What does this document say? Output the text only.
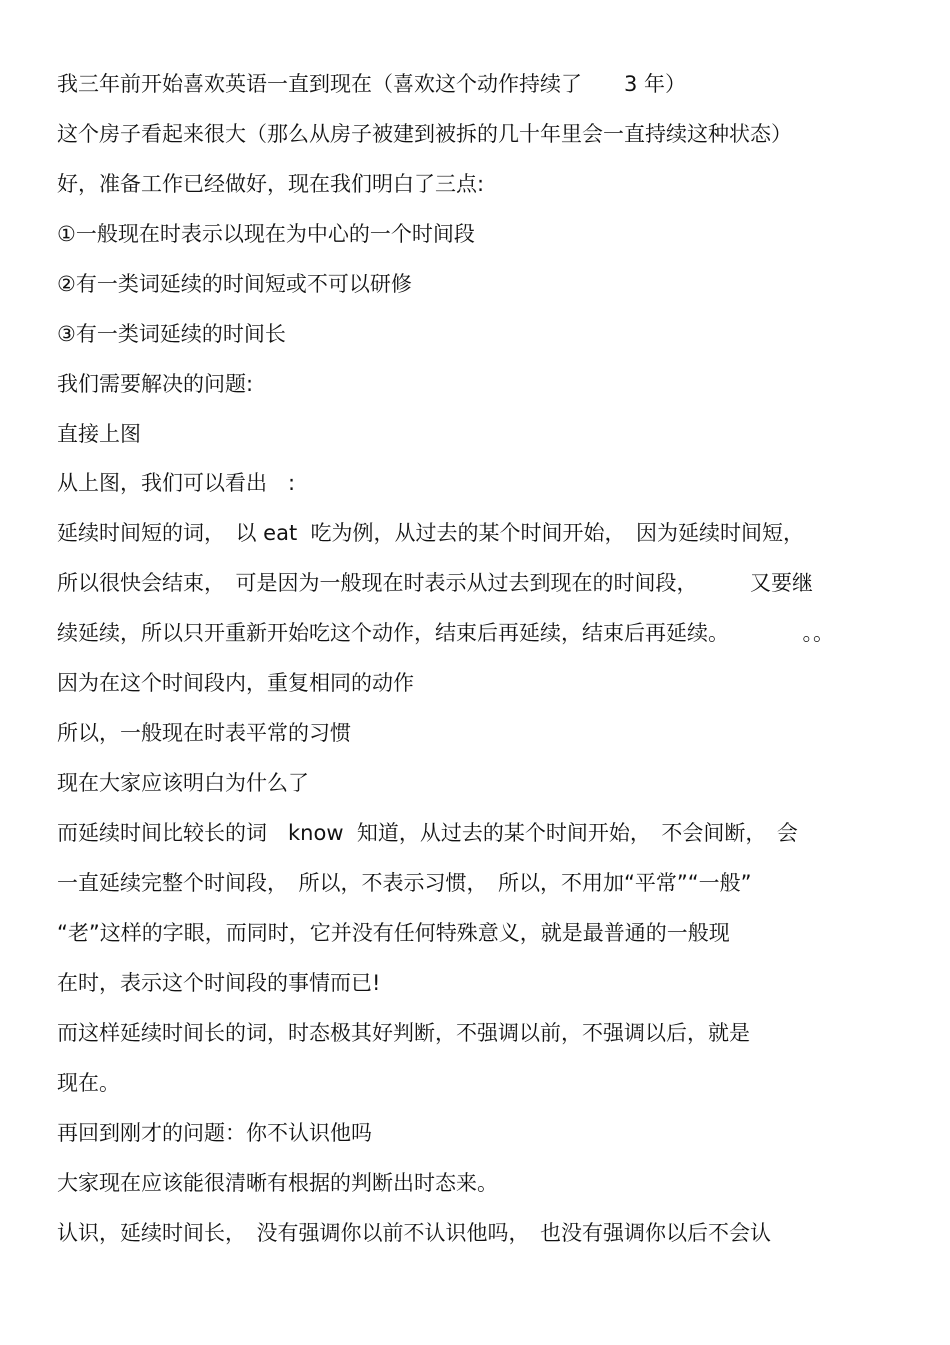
我三年前开始喜欢英语一直到现在（喜欢这个动作持续了　　3 年）
这个房子看起来很大（那么从房子被建到被拆的几十年里会一直持续这种状态）
好，准备工作已经做好，现在我们明白了三点:
①一般现在时表示以现在为中心的一个时间段
②有一类词延续的时间短或不可以研修
③有一类词延续的时间长
我们需要解决的问题:
直接上图
从上图，我们可以看出　:
延续时间短的词，　以 eat  吃为例，从过去的某个时间开始，　因为延续时间短，
所以很快会结束，　可是因为一般现在时表示从过去到现在的时间段，　　　又要继
续延续，所以只开重新开始吃这个动作，结束后再延续，结束后再延续。　　　　。。
因为在这个时间段内，重复相同的动作
所以，一般现在时表平常的习惯
现在大家应该明白为什么了
而延续时间比较长的词　know  知道，从过去的某个时间开始，　不会间断，　会
一直延续完整个时间段，　所以，不表示习惯，　所以，不用加“平常”“一般”
“老”这样的字眼，而同时，它并没有任何特殊意义，就是最普通的一般现
在时，表示这个时间段的事情而已!
而这样延续时间长的词，时态极其好判断，不强调以前，不强调以后，就是
现在。
再回到刚才的问题：你不认识他吗
大家现在应该能很清晰有根据的判断出时态来。
认识，延续时间长，　没有强调你以前不认识他吗，　也没有强调你以后不会认
